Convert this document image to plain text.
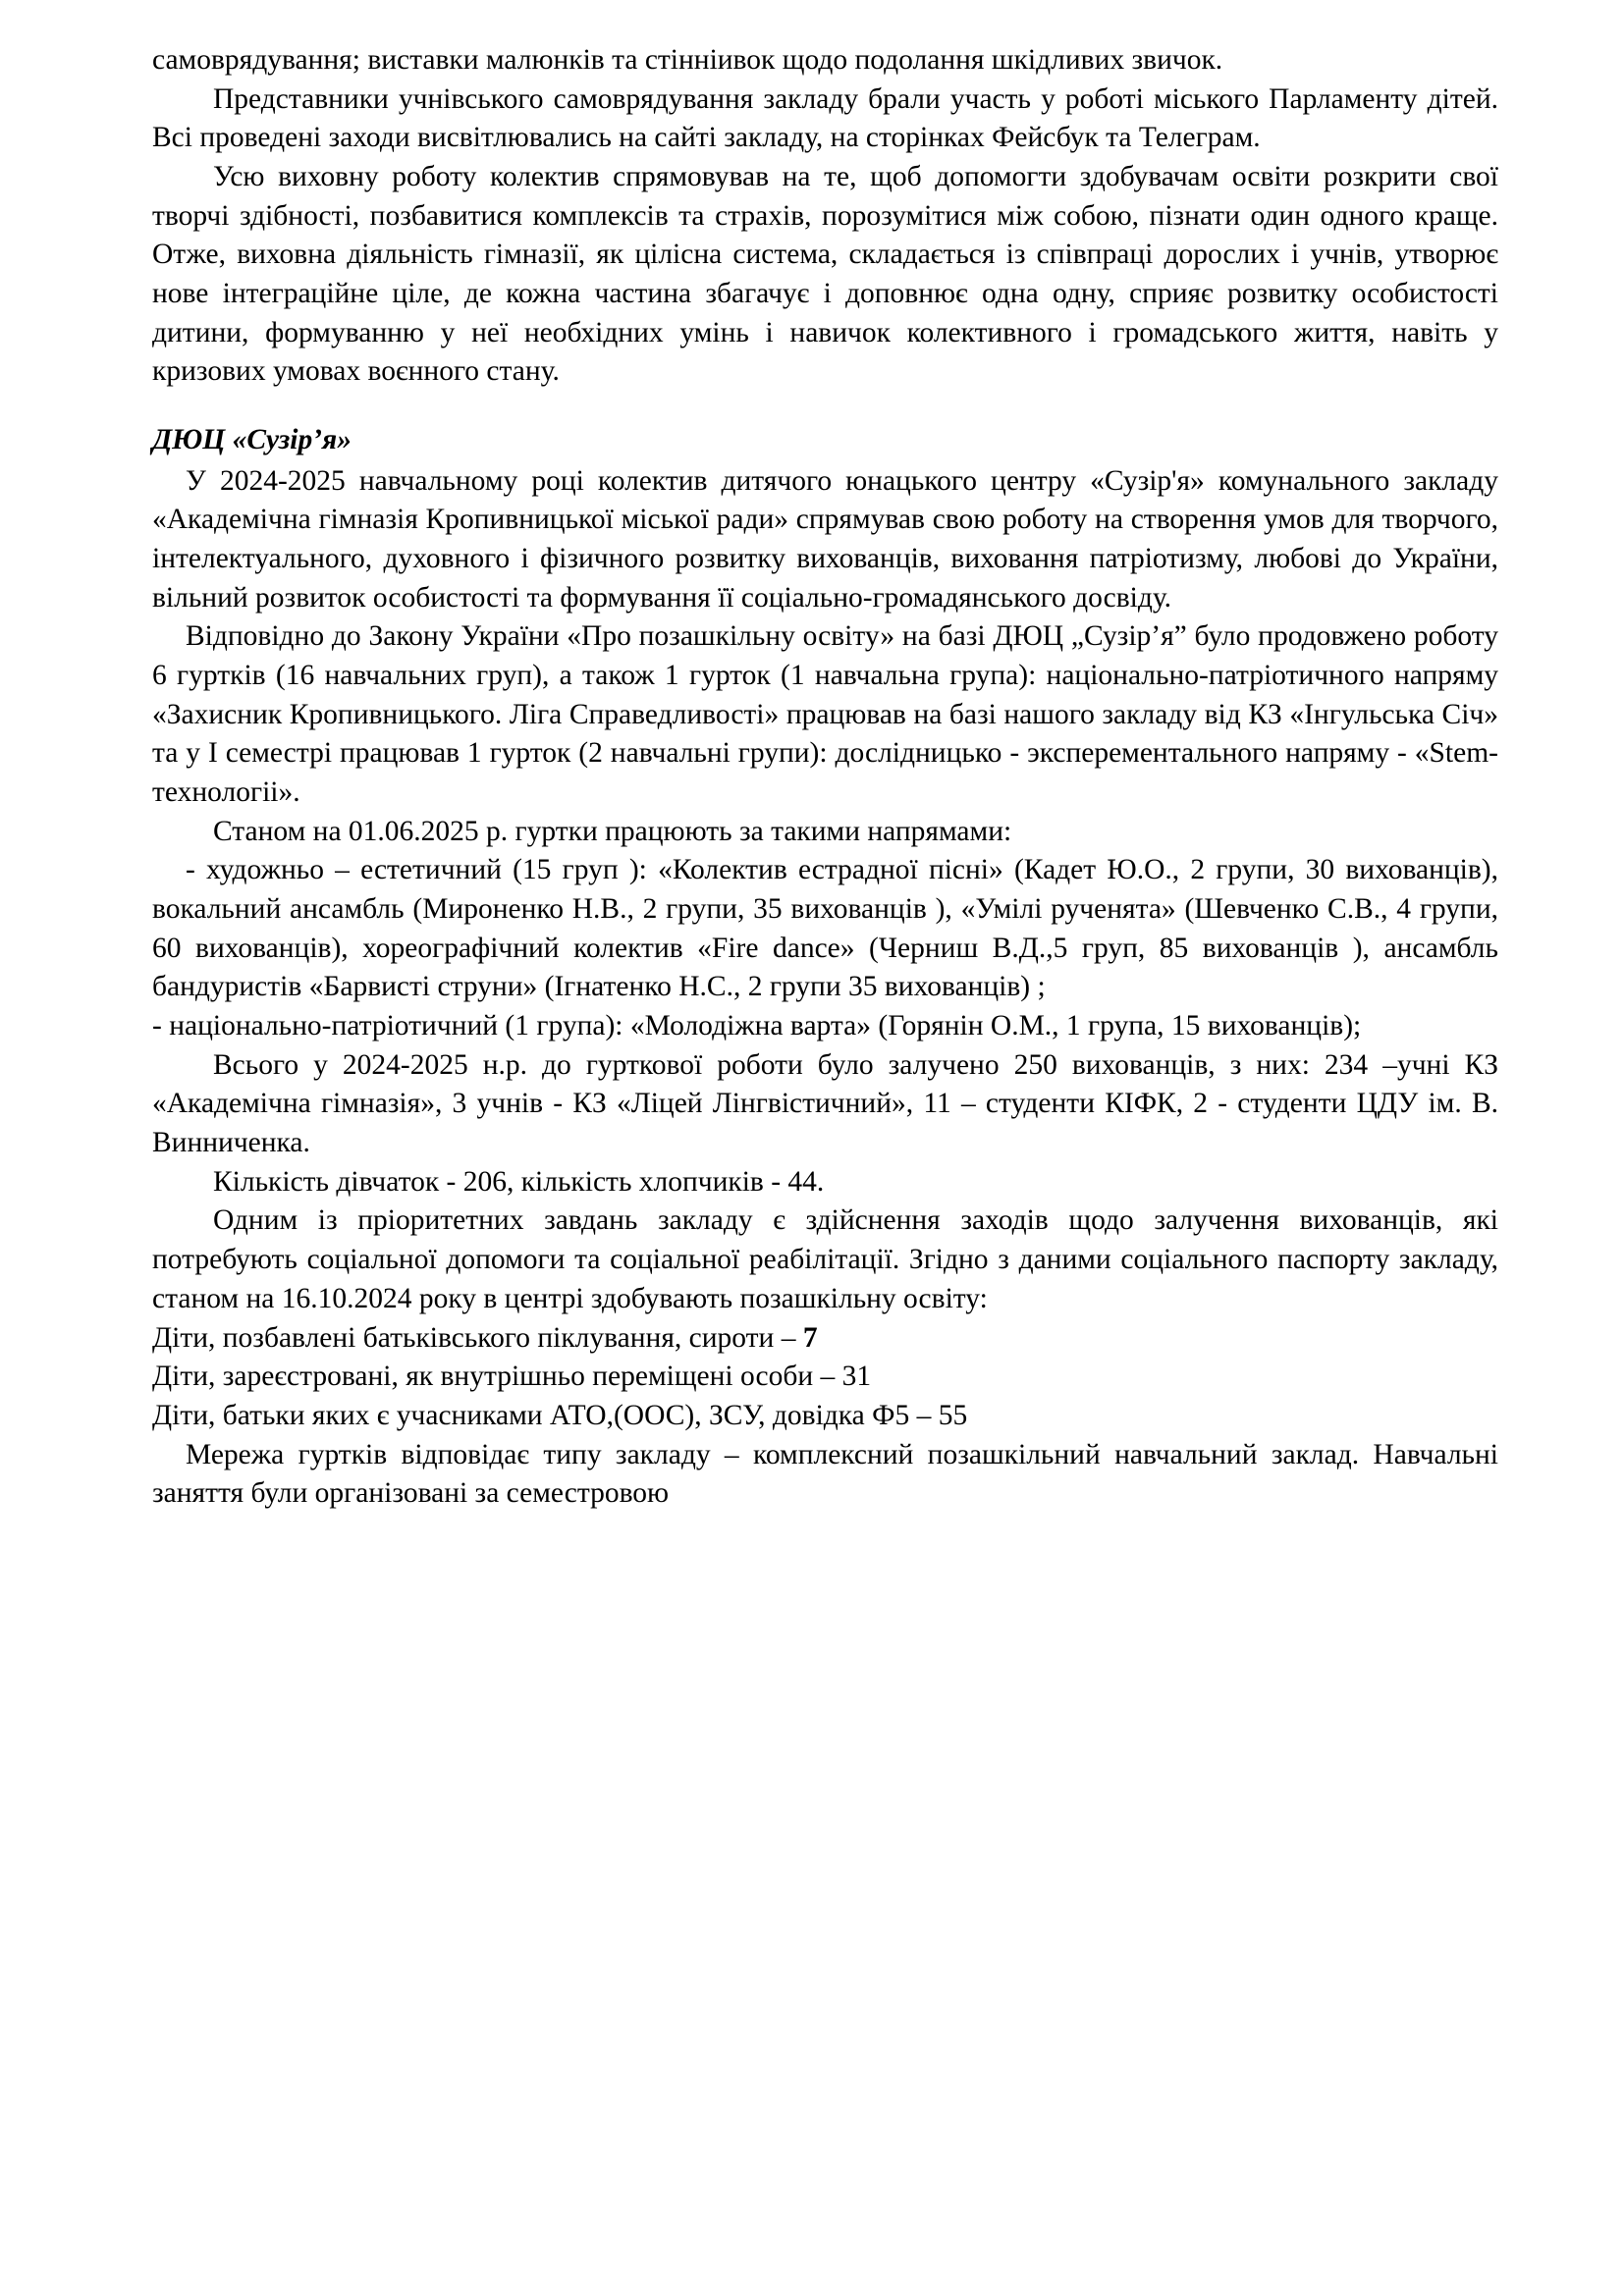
самоврядування; виставки малюнків та стінніивок щодо подолання шкідливих звичок.

Представники учнівського самоврядування закладу брали участь у роботі міського Парламенту дітей. Всі проведені заходи висвітлювались на сайті закладу, на сторінках Фейсбук та Телеграм.

Усю виховну роботу колектив спрямовував на те, щоб допомогти здобувачам освіти розкрити свої творчі здібності, позбавитися комплексів та страхів, порозумітися між собою, пізнати один одного краще. Отже, виховна діяльність гімназії, як цілісна система, складається із співпраці дорослих і учнів, утворює нове інтеграційне ціле, де кожна частина збагачує і доповнює одна одну, сприяє розвитку особистості дитини, формуванню у неї необхідних умінь і навичок колективного і громадського життя, навіть у кризових умовах воєнного стану.

ДЮЦ «Сузір’я»

У 2024-2025 навчальному році колектив дитячого юнацького центру «Сузір'я» комунального закладу «Академічна гімназія Кропивницької міської ради» спрямував свою роботу на створення умов для творчого, інтелектуального, духовного і фізичного розвитку вихованців, виховання патріотизму, любові до України, вільний розвиток особистості та формування її соціально-громадянського досвіду.

Відповідно до Закону України «Про позашкільну освіту» на базі ДЮЦ „Сузір’я” було продовжено роботу 6 гуртків (16 навчальних груп), а також 1 гурток (1 навчальна група): національно-патріотичного напряму «Захисник Кропивницького. Ліга Справедливості» працював на базі нашого закладу від КЗ «Інгульська Січ» та у I семестрі працював 1 гурток (2 навчальні групи): дослідницько - эксперементального напряму - «Stem-технологіі».

Станом на 01.06.2025 р. гуртки працюють за такими напрямами:

- художньо – естетичний (15 груп ): «Колектив естрадної пісні» (Кадет Ю.О., 2 групи, 30 вихованців), вокальний ансамбль (Мироненко Н.В., 2 групи, 35 вихованців ), «Умілі рученята» (Шевченко С.В., 4 групи, 60 вихованців), хореографічний колектив «Fire dance» (Черниш В.Д.,5 груп, 85 вихованців ), ансамбль бандуристів «Барвисті струни» (Ігнатенко Н.С., 2 групи 35 вихованців) ;

- національно-патріотичний (1 група): «Молодіжна варта» (Горянін О.М., 1 група, 15 вихованців);

Всього у 2024-2025 н.р. до гурткової роботи було залучено 250 вихованців, з них: 234 –учні КЗ «Академічна гімназія», 3 учнів - КЗ «Ліцей Лінгвістичний», 11 – студенти КІФК, 2 - студенти ЦДУ ім. В. Винниченка.

Кількість дівчаток - 206, кількість хлопчиків - 44.

Одним із пріоритетних завдань закладу є здійснення заходів щодо залучення вихованців, які потребують соціальної допомоги та соціальної реабілітації. Згідно з даними соціального паспорту закладу, станом на 16.10.2024 року в центрі здобувають позашкільну освіту:

Діти, позбавлені батьківського піклування, сироти – 7

Діти, зареєстровані, як внутрішньо переміщені особи – 31

Діти, батьки яких є учасниками АТО,(ООС), ЗСУ, довідка Ф5 – 55

Мережа гуртків відповідає типу закладу – комплексний позашкільний навчальний заклад. Навчальні заняття були організовані за семестровою
